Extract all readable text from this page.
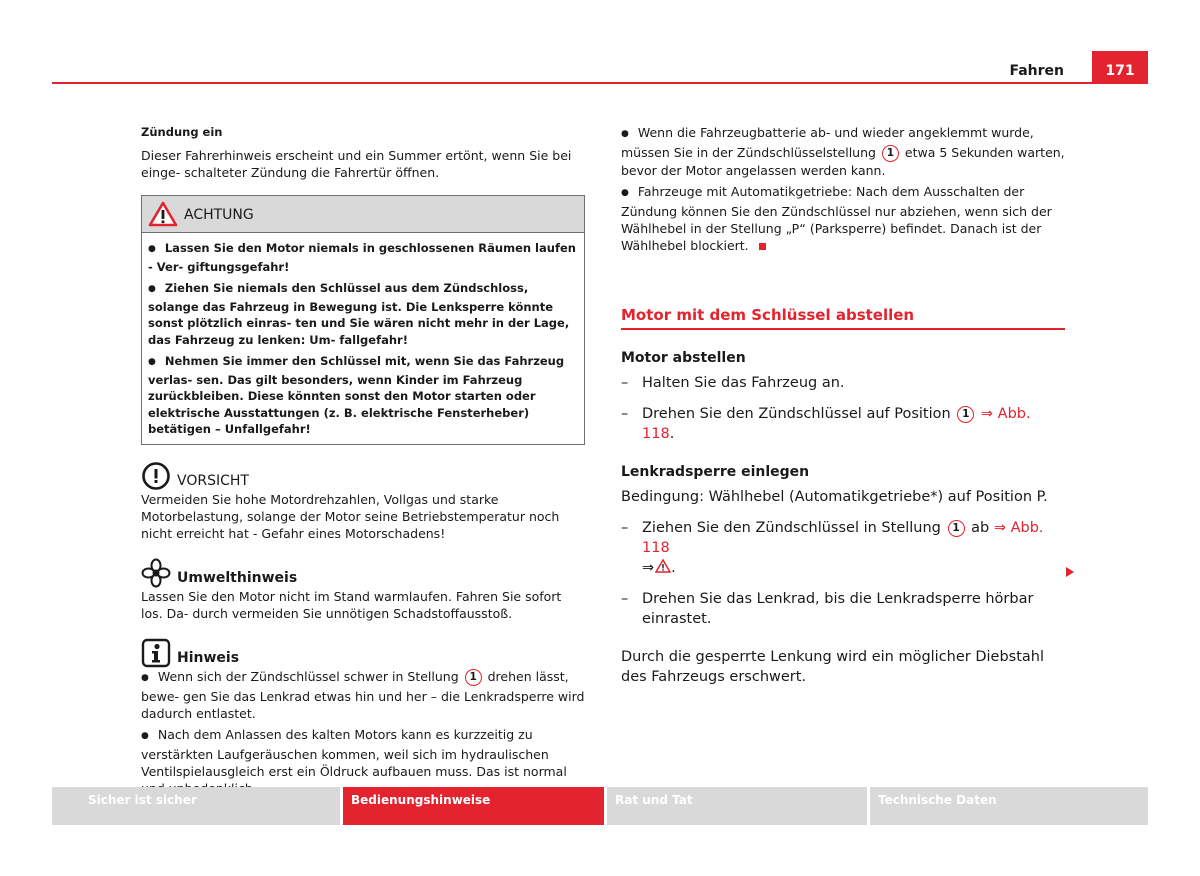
Fahren	171

Zündung ein

Dieser Fahrerhinweis erscheint und ein Summer ertönt, wenn Sie bei einge- schalteter Zündung die Fahrertür öffnen.

ACHTUNG

● Lassen Sie den Motor niemals in geschlossenen Räumen laufen - Ver- giftungsgefahr!

● Ziehen Sie niemals den Schlüssel aus dem Zündschloss, solange das Fahrzeug in Bewegung ist. Die Lenksperre könnte sonst plötzlich einras- ten und Sie wären nicht mehr in der Lage, das Fahrzeug zu lenken: Um- fallgefahr!

● Nehmen Sie immer den Schlüssel mit, wenn Sie das Fahrzeug verlas- sen. Das gilt besonders, wenn Kinder im Fahrzeug zurückbleiben. Diese könnten sonst den Motor starten oder elektrische Ausstattungen (z. B. elektrische Fensterheber) betätigen – Unfallgefahr!

VORSICHT

Vermeiden Sie hohe Motordrehzahlen, Vollgas und starke Motorbelastung, solange der Motor seine Betriebstemperatur noch nicht erreicht hat - Gefahr eines Motorschadens!

Umwelthinweis

Lassen Sie den Motor nicht im Stand warmlaufen. Fahren Sie sofort los. Da- durch vermeiden Sie unnötigen Schadstoffausstoß.

Hinweis

● Wenn sich der Zündschlüssel schwer in Stellung 1 drehen lässt, bewe- gen Sie das Lenkrad etwas hin und her – die Lenkradsperre wird dadurch entlastet.

● Nach dem Anlassen des kalten Motors kann es kurzzeitig zu verstärkten Laufgeräuschen kommen, weil sich im hydraulischen Ventilspielausgleich erst ein Öldruck aufbauen muss. Das ist normal

● Wenn die Fahrzeugbatterie ab- und wieder angeklemmt wurde, müssen Sie in der Zündschlüsselstellung 1 etwa 5 Sekunden warten, bevor der Motor angelassen werden kann.

● Fahrzeuge mit Automatikgetriebe: Nach dem Ausschalten der Zündung können Sie den Zündschlüssel nur abziehen, wenn sich der Wählhebel in der Stellung „P“ (Parksperre) befindet. Danach ist der Wählhebel blockiert.

Motor mit dem Schlüssel abstellen

Motor abstellen

– Halten Sie das Fahrzeug an.

– Drehen Sie den Zündschlüssel auf Position 1 ⇒ Abb. 118.

Lenkradsperre einlegen

Bedingung: Wählhebel (Automatikgetriebe*) auf Position P.

– Ziehen Sie den Zündschlüssel in Stellung 1 ab ⇒ Abb. 118
⇒ .

– Drehen Sie das Lenkrad, bis die Lenkradsperre hörbar einrastet.

Durch die gesperrte Lenkung wird ein möglicher Diebstahl des Fahrzeugs erschwert.

Sicher ist sicher	Bedienungshinweise	Rat und Tat	Technische Daten
